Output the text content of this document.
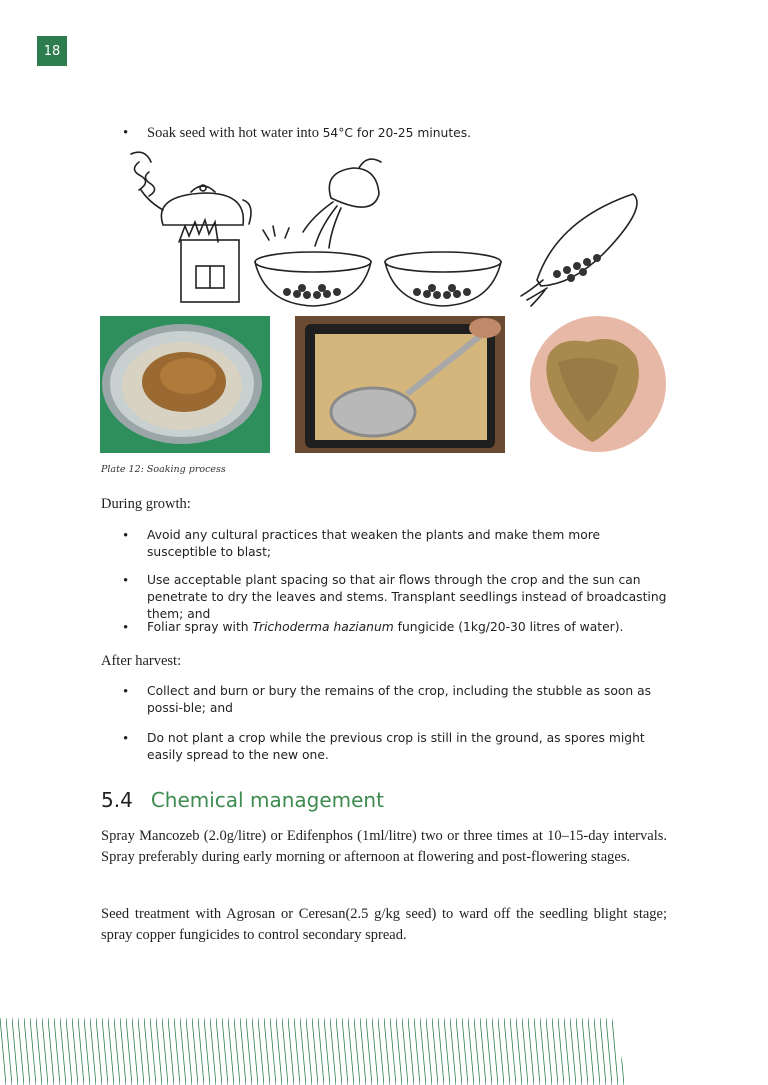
18
• Soak seed with hot water into 54°C for 20-25 minutes.
Plate 12: Soaking process
During growth:
• Avoid any cultural practices that weaken the plants and make them more susceptible to blast;
• Use acceptable plant spacing so that air flows through the crop and the sun can penetrate to dry the leaves and stems. Transplant seedlings instead of broadcasting them; and
• Foliar spray with Trichoderma hazianum fungicide (1kg/20-30 litres of water).
After harvest:
• Collect and burn or bury the remains of the crop, including the stubble as soon as possi-ble; and
• Do not plant a crop while the previous crop is still in the ground, as spores might easily spread to the new one.
5.4 Chemical management
Spray Mancozeb (2.0g/litre) or Edifenphos (1ml/litre) two or three times at 10–15-day intervals. Spray preferably during early morning or afternoon at flowering and post-flowering stages.
Seed treatment with Agrosan or Ceresan(2.5 g/kg seed) to ward off the seedling blight stage; spray copper fungicides to control secondary spread.
